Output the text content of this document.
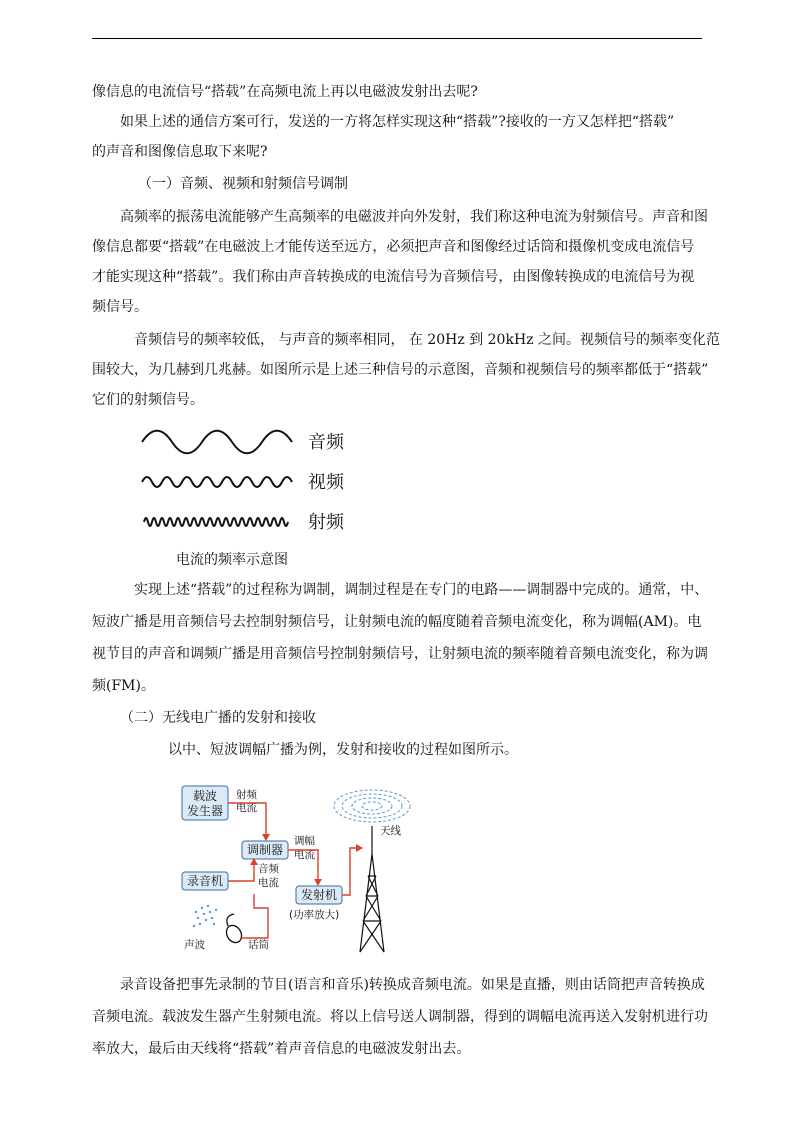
像信息的电流信号“搭载”在高频电流上再以电磁波发射出去呢?
如果上述的通信方案可行，发送的一方将怎样实现这种“搭载”?接收的一方又怎样把“搭载”
的声音和图像信息取下来呢?
（一）音频、视频和射频信号调制
高频率的振荡电流能够产生高频率的电磁波并向外发射，我们称这种电流为射频信号。声音和图
像信息都要“搭载”在电磁波上才能传送至远方，必须把声音和图像经过话筒和摄像机变成电流信号
才能实现这种“搭载”。我们称由声音转换成的电流信号为音频信号，由图像转换成的电流信号为视
频信号。
音频信号的频率较低， 与声音的频率相同， 在 20Hz 到 20kHz 之间。视频信号的频率变化范
围较大，为几赫到几兆赫。如图所示是上述三种信号的示意图，音频和视频信号的频率都低于“搭载”
它们的射频信号。
音频
视频
射频
电流的频率示意图
实现上述“搭载”的过程称为调制，调制过程是在专门的电路——调制器中完成的。通常，中、
短波广播是用音频信号去控制射频信号，让射频电流的幅度随着音频电流变化，称为调幅(AM)。电
视节目的声音和调频广播是用音频信号控制射频信号，让射频电流的频率随着音频电流变化，称为调
频(FM)。
（二）无线电广播的发射和接收
以中、短波调幅广播为例，发射和接收的过程如图所示。
载波
发生器
射频
电流
调制器
调幅
电流
录音机
音频
电流
发射机
(功率放大)
天线
声波	话筒
录音设备把事先录制的节目(语言和音乐)转换成音频电流。如果是直播，则由话筒把声音转换成
音频电流。载波发生器产生射频电流。将以上信号送人调制器，得到的调幅电流再送入发射机进行功
率放大，最后由天线将“搭载”着声音信息的电磁波发射出去。
